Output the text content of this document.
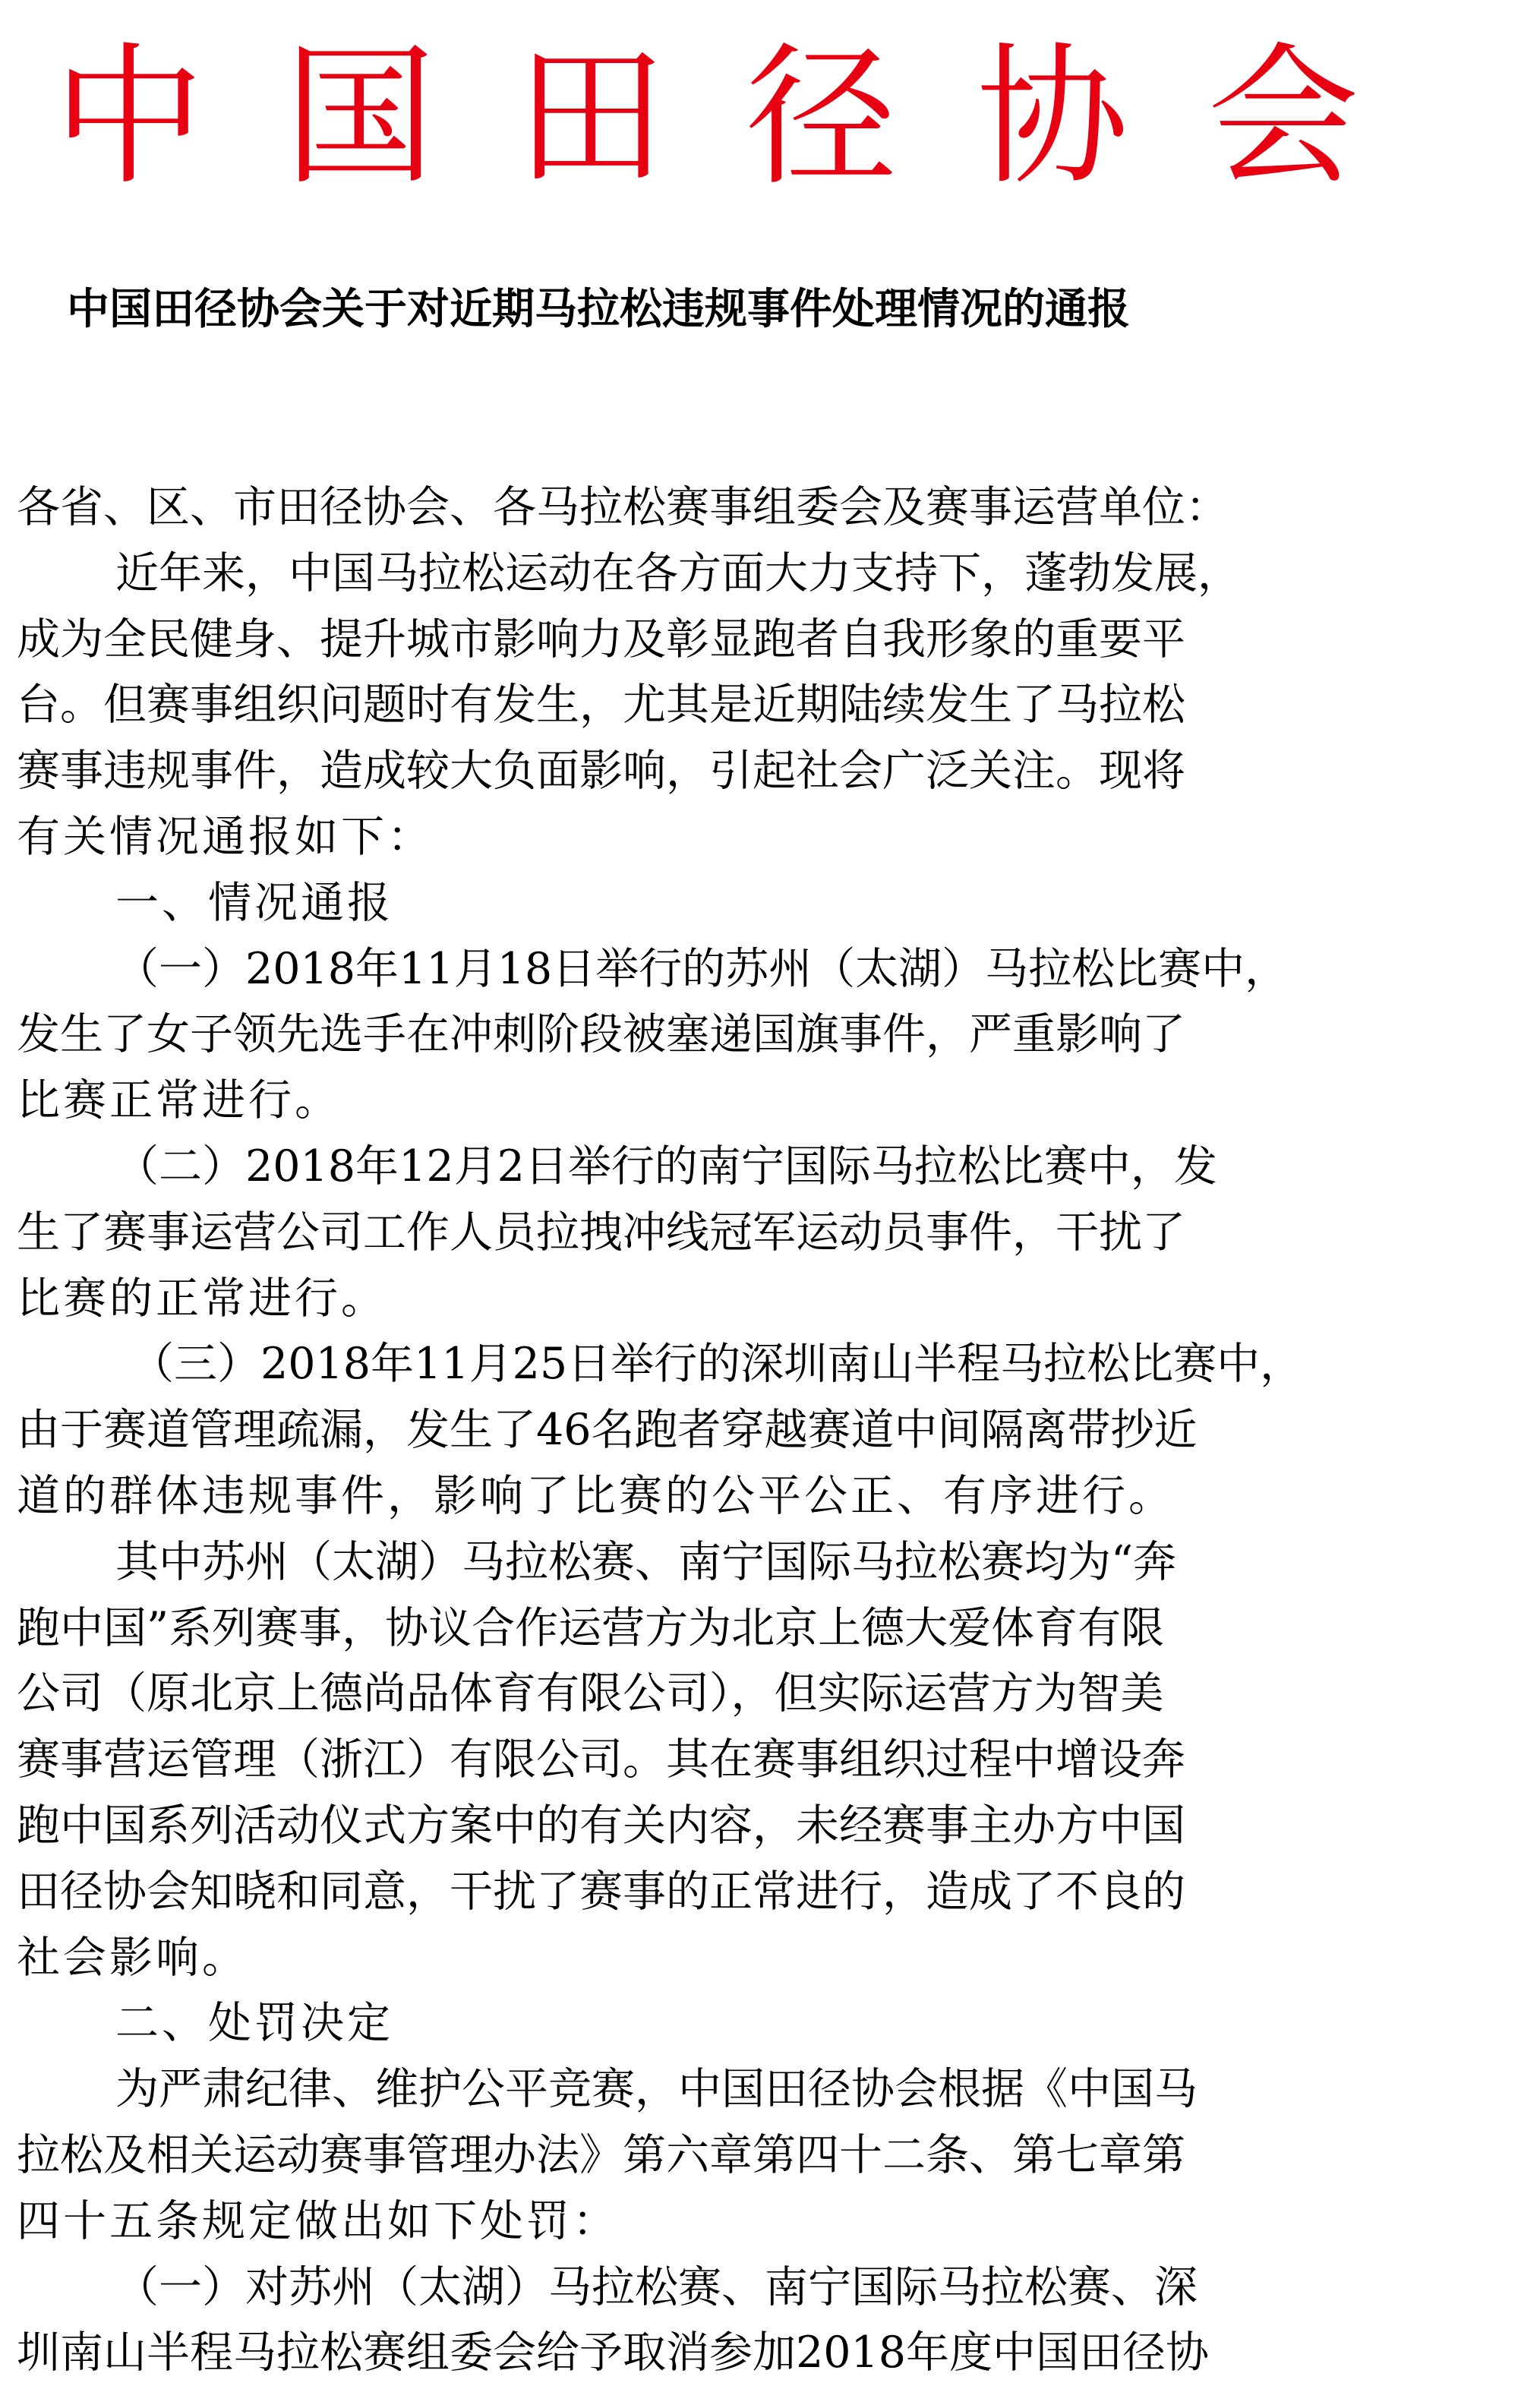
中 国 田 径 协 会
中国田径协会关于对近期马拉松违规事件处理情况的通报
各省、区、市田径协会、各马拉松赛事组委会及赛事运营单位：
近年来，中国马拉松运动在各方面大力支持下，蓬勃发展，
成为全民健身、提升城市影响力及彰显跑者自我形象的重要平
台。但赛事组织问题时有发生，尤其是近期陆续发生了马拉松
赛事违规事件，造成较大负面影响，引起社会广泛关注。现将
有关情况通报如下：
一、情况通报
（一）2018年11月18日举行的苏州（太湖）马拉松比赛中，
发生了女子领先选手在冲刺阶段被塞递国旗事件，严重影响了
比赛正常进行。
（二）2018年12月2日举行的南宁国际马拉松比赛中，发
生了赛事运营公司工作人员拉拽冲线冠军运动员事件，干扰了
比赛的正常进行。
（三）2018年11月25日举行的深圳南山半程马拉松比赛中，
由于赛道管理疏漏，发生了46名跑者穿越赛道中间隔离带抄近
道的群体违规事件，影响了比赛的公平公正、有序进行。
其中苏州（太湖）马拉松赛、南宁国际马拉松赛均为“奔
跑中国”系列赛事，协议合作运营方为北京上德大爱体育有限
公司（原北京上德尚品体育有限公司），但实际运营方为智美
赛事营运管理（浙江）有限公司。其在赛事组织过程中增设奔
跑中国系列活动仪式方案中的有关内容，未经赛事主办方中国
田径协会知晓和同意，干扰了赛事的正常进行，造成了不良的
社会影响。
二、处罚决定
为严肃纪律、维护公平竞赛，中国田径协会根据《中国马
拉松及相关运动赛事管理办法》第六章第四十二条、第七章第
四十五条规定做出如下处罚：
（一）对苏州（太湖）马拉松赛、南宁国际马拉松赛、深
圳南山半程马拉松赛组委会给予取消参加2018年度中国田径协
